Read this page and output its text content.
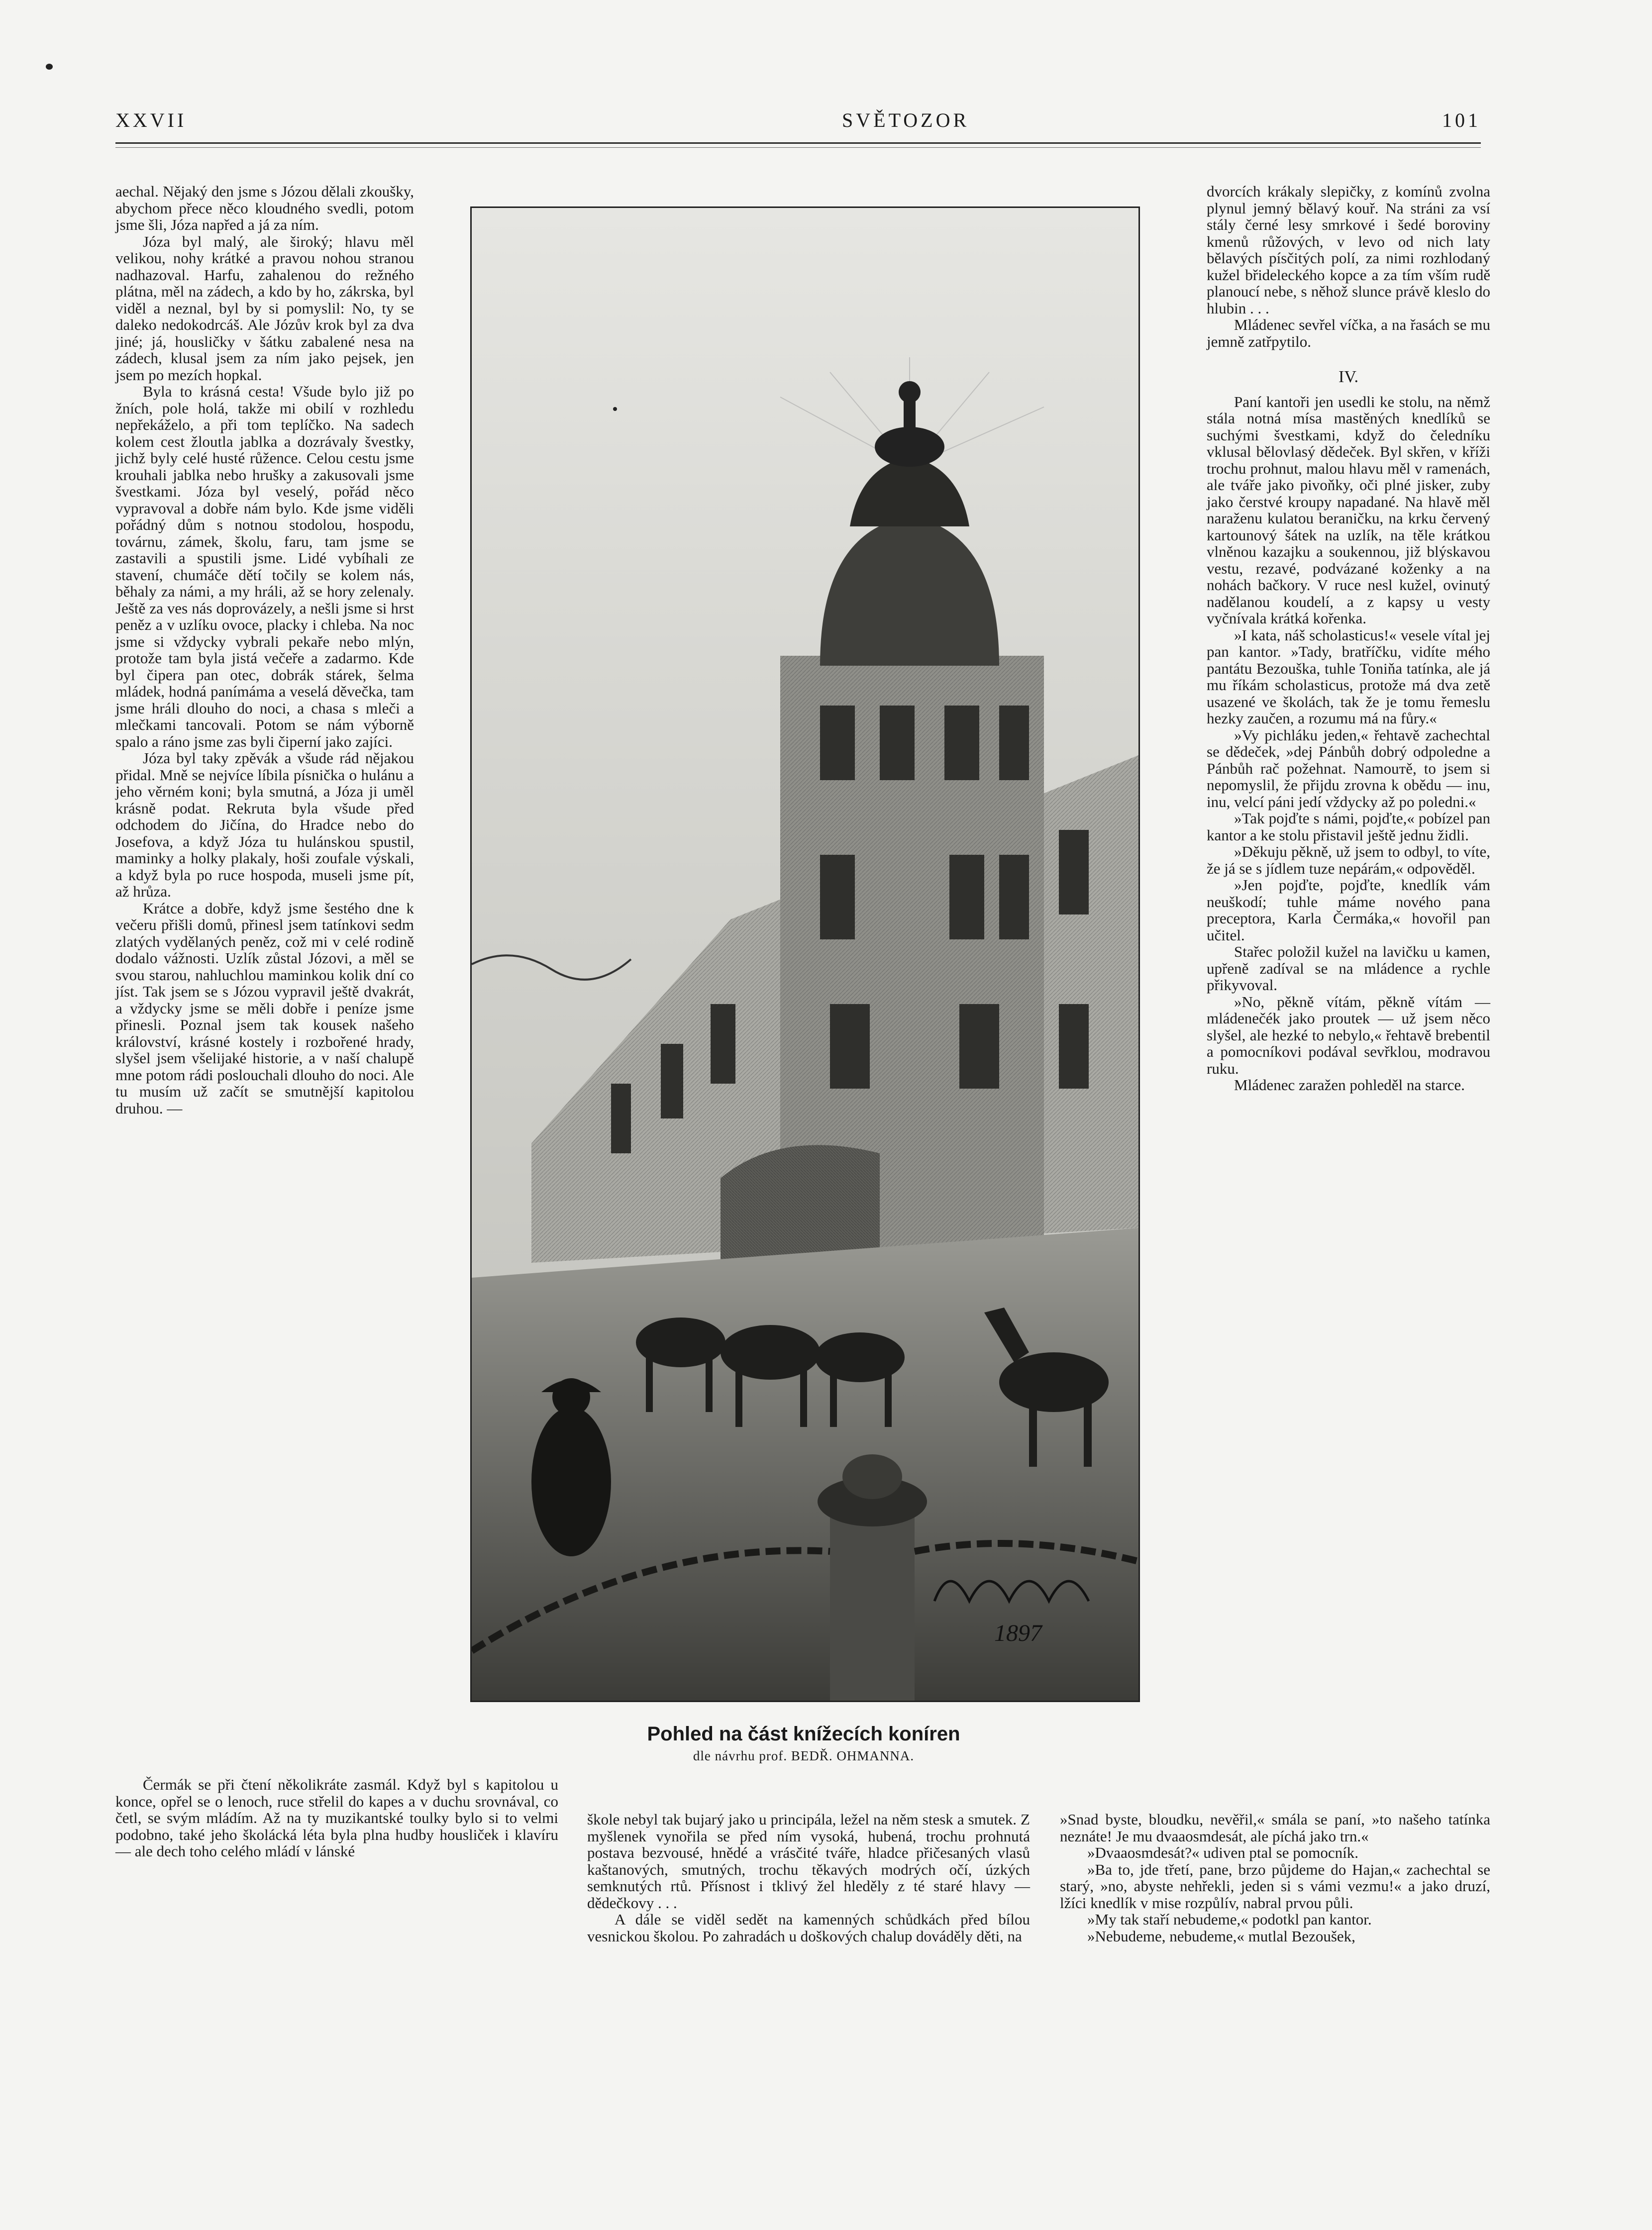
XXVII	SVĚTOZOR	101

aechal. Nějaký den jsme s Józou dělali zkoušky, abychom přece něco kloudného svedli, potom jsme šli, Józa napřed a já za ním.

Józa byl malý, ale široký; hlavu měl velikou, nohy krátké a pravou nohou stranou nadhazoval. Harfu, zahalenou do režného plátna, měl na zádech, a kdo by ho, zákrska, byl viděl a neznal, byl by si pomyslil: No, ty se daleko nedokodrcáš. Ale Józův krok byl za dva jiné; já, housličky v šátku zabalené nesa na zádech, klusal jsem za ním jako pejsek, jen jsem po mezích hopkal.

Byla to krásná cesta! Všude bylo již po žních, pole holá, takže mi obilí v rozhledu nepřekáželo, a při tom teplíčko. Na sadech kolem cest žloutla jablka a dozrávaly švestky, jichž byly celé husté růžence. Celou cestu jsme krouhali jablka nebo hrušky a zakusovali jsme švestkami. Józa byl veselý, pořád něco vypravoval a dobře nám bylo. Kde jsme viděli pořádný dům s notnou stodolou, hospodu, továrnu, zámek, školu, faru, tam jsme se zastavili a spustili jsme. Lidé vybíhali ze stavení, chumáče dětí točily se kolem nás, běhaly za námi, a my hráli, až se hory zelenaly. Ještě za ves nás doprovázely, a nešli jsme si hrst peněz a v uzlíku ovoce, placky i chleba. Na noc jsme si vždycky vybrali pekaře nebo mlýn, protože tam byla jistá večeře a zadarmo. Kde byl čiperа pan otec, dobrák stárek, šelma mládek, hodná panímáma a veselá děvečka, tam jsme hráli dlouho do noci, a chasa s mleči a mlečkami tancovali. Potom se nám výborně spalo a ráno jsme zas byli čiperní jako zajíci.

Józa byl taky zpěvák a všude rád nějakou přidal. Mně se nejvíce líbila písnička o hulánu a jeho věrném koni; byla smutná, a Józa ji uměl krásně podat. Rekruta byla všude před odchodem do Jičína, do Hradce nebo do Josefova, a když Józa tu hulánskou spustil, maminky a holky plakaly, hoši zoufale výskali, a když byla po ruce hospoda, museli jsme pít, až hrůza.

Krátce a dobře, když jsme šestého dne k večeru přišli domů, přinesl jsem tatínkovi sedm zlatých vydělaných peněz, což mi v celé rodině dodalo vážnosti. Uzlík zůstal Józovi, a měl se svou starou, nahluchlou maminkou kolik dní co jíst. Tak jsem se s Józou vypravil ještě dvakrát, a vždycky jsme se měli dobře i peníze jsme přinesli. Poznal jsem tak kousek našeho království, krásné kostely i rozbořené hrady, slyšel jsem všelijaké historie, a v naší chalupě mne potom rádi poslouchali dlouho do noci. Ale tu musím už začít se smutnější kapitolou druhou. —

1897
Pohled na část knížecích koníren
dle návrhu prof. BEDŘ. OHMANNA.

dvorcích krákaly slepičky, z komínů zvolna plynul jemný bělavý kouř. Na stráni za vsí stály černé lesy smrkové i šedé boroviny kmenů růžových, v levo od nich laty bělavých písčitých polí, za nimi rozhlodaný kužel břideleckého kopce a za tím vším rudě planoucí nebe, s něhož slunce právě kleslo do hlubin . . .

Mládenec sevřel víčka, a na řasách se mu jemně zatřpytilo.

IV.

Paní kantoři jen usedli ke stolu, na němž stála notná mísa mastěných knedlíků se suchými švestkami, když do čeledníku vklusal bělovlasý dědeček. Byl skřen, v kříži trochu prohnut, malou hlavu měl v ramenách, ale tváře jako pivoňky, oči plné jisker, zuby jako čerstvé kroupy napadané. Na hlavě měl naraženu kulatou beraničku, na krku červený kartounový šátek na uzlík, na těle krátkou vlněnou kazajku a soukennou, již blýskavou vestu, rezavé, podvázané koženky a na nohách bačkory. V ruce nesl kužel, ovinutý nadělanou koudelí, a z kapsy u vesty vyčnívala krátká kořenka.

»I kata, náš scholasticus!« vesele vítal jej pan kantor. »Tady, bratříčku, vidíte mého pantátu Bezouška, tuhle Toniňa tatínka, ale já mu říkám scholasticus, protože má dva zetě usazené ve školách, tak že je tomu řemeslu hezky zaučen, a rozumu má na fůry.«

»Vy pichláku jeden,« řehtavě zachechtal se dědeček, »dej Pánbůh dobrý odpoledne a Pánbůh rač požehnat. Namouтě, to jsem si nepomyslil, že přijdu zrovna k obědu — inu, inu, velcí páni jedí vždycky až po poledni.«

»Tak pojďte s námi, pojďte,« pobízel pan kantor a ke stolu přistavil ještě jednu židli.

»Děkuju pěkně, už jsem to odbyl, to víte, že já se s jídlem tuze nepárám,« odpověděl.

»Jen pojďte, pojďte, knedlík vám neuškodí; tuhle máme nového pana preceptora, Karla Čermáka,« hovořil pan učitel.

Stařec položil kužel na lavičku u kamen, upřeně zadíval se na mládence a rychle přikyvoval.

»No, pěkně vítám, pěkně vítám — mládenečék jako proutek — už jsem něco slyšel, ale hezké to nebylo,« řehtavě brebentil a pomocníkovi podával sevřklou, modravou ruku.

Mládenec zaražen pohleděl na starce.

Čermák se při čtení několikráte zasmál. Když byl s kapitolou u konce, opřel se o lenoch, ruce střelil do kapes a v duchu srovnával, co četl, se svým mládím. Až na ty muzikantské toulky bylo si to velmi podobno, také jeho školácká léta byla plna hudby housliček i klavíru — ale dech toho celého mládí v lánské

škole nebyl tak bujarý jako u principála, ležel na něm stesk a smutek. Z myšlenek vynořila se před ním vysoká, hubená, trochu prohnutá postava bezvousé, hnědé a vrásčité tváře, hladce přičesaných vlasů kaštanových, smutných, trochu těkavých modrých očí, úzkých semknutých rtů. Přísnost i tklivý žel hleděly z té staré hlavy — dědečkovy . . .

A dále se viděl sedět na kamenných schůdkách před bílou vesnickou školou. Po zahradách u doškových chalup dováděly děti, na

»Snad byste, bloudku, nevěřil,« smála se paní, »to našeho tatínka neznáte! Je mu dvaaosmdesát, ale píchá jako trn.«

»Dvaaosmdesát?« udiven ptal se pomocník.

»Ba to, jde třetí, pane, brzo půjdeme do Hajan,« zachechtal se starý, »no, abyste nehřekli, jeden si s vámi vezmu!« a jako druzí, lžíci knedlík v mise rozpůlív, nabral prvou půli.

»My tak staří nebudeme,« podotkl pan kantor.

»Nebudeme, nebudeme,« mutlal Bezoušek,
